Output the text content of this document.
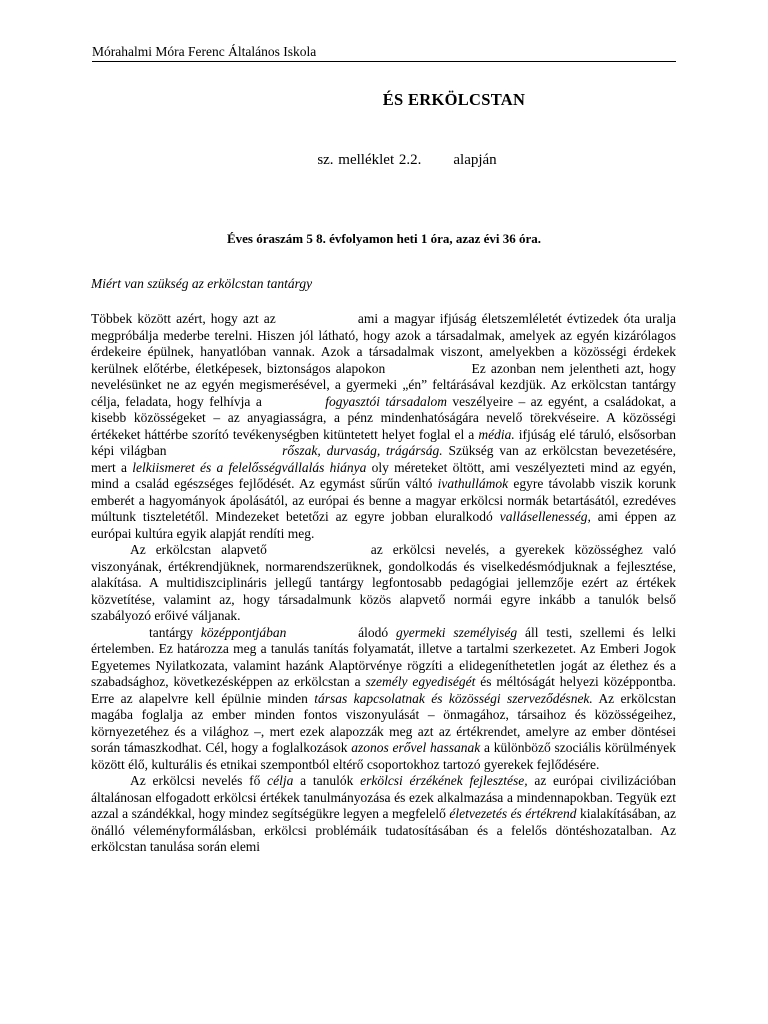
Mórahalmi Móra Ferenc Általános Iskola
ÉS ERKÖLCSTAN
sz. melléklet 2.2. alapján
Éves óraszám 5 8. évfolyamon heti 1 óra, azaz évi 36 óra.
Miért van szükség az erkölcstan tantárgy

Többek között azért, hogy azt az	ami a magyar ifjúság életszemléletét évtizedek óta uralja megpróbálja mederbe terelni. Hiszen jól látható, hogy azok a társadalmak, amelyek az egyén kizárólagos érdekeire épülnek, hanyatlóban vannak. Azok a társadalmak viszont, amelyekben a közösségi érdekek kerülnek előtérbe, életképesek, biztonságos alapokon	Ez azonban nem jelentheti azt, hogy nevelésünket ne az egyén megismerésével, a gyermeki „én” feltárásával kezdjük. Az erkölcstan tantárgy célja, feladata, hogy felhívja a	fogyasztói társadalom veszélyeire – az egyént, a családokat, a kisebb közösségeket – az anyagiasságra, a pénz mindenhatóságára nevelő törekvéseire. A közösségi értékeket háttérbe szorító tevékenységben kitüntetett helyet foglal el a média. ifjúság elé táruló, elsősorban képi világban	rőszak, durvaság, trágárság. Szükség van az erkölcstan bevezetésére, mert a lelkiismeret és a felelősségvállalás hiánya oly méreteket öltött, ami veszélyezteti mind az egyén, mind a család egészséges fejlődését. Az egymást sűrűn váltó ivathullámok egyre távolabb viszik korunk emberét a hagyományok ápolásától, az európai és benne a magyar erkölcsi normák betartásától, ezredéves múltunk tiszteletétől. Mindezeket betetőzi az egyre jobban eluralkodó vallásellenesség, ami éppen az európai kultúra egyik alapját rendíti meg.

Az erkölcstan alapvető	az erkölcsi nevelés, a gyerekek közösséghez való viszonyának, értékrendjüknek, normarendszerüknek, gondolkodás és viselkedésmódjuknak a fejlesztése, alakítása. A multidiszciplináris jellegű tantárgy legfontosabb pedagógiai jellemzője ezért az értékek közvetítése, valamint az, hogy társadalmunk közös alapvető normái egyre inkább a tanulók belső szabályozó erőivé váljanak.

tantárgy középpontjában	álodó gyermeki személyiség áll testi, szellemi és lelki értelemben. Ez határozza meg a tanulás tanítás folyamatát, illetve a tartalmi szerkezetet. Az Emberi Jogok Egyetemes Nyilatkozata, valamint hazánk Alaptörvénye rögzíti a elidegeníthetetlen jogát az élethez és a szabadsághoz, következésképpen az erkölcstan a személy egyediségét és méltóságát helyezi középpontba. Erre az alapelvre kell épülnie minden társas kapcsolatnak és közösségi szerveződésnek. Az erkölcstan magába foglalja az ember minden fontos viszonyulását – önmagához, társaihoz és közösségeihez, környezetéhez és a világhoz –, mert ezek alapozzák meg azt az értékrendet, amelyre az ember döntései során támaszkodhat. Cél, hogy a foglalkozások azonos erővel hassanak a különböző szociális körülmények között élő, kulturális és etnikai szempontból eltérő csoportokhoz tartozó gyerekek fejlődésére.

Az erkölcsi nevelés fő célja a tanulók erkölcsi érzékének fejlesztése, az európai civilizációban általánosan elfogadott erkölcsi értékek tanulmányozása és ezek alkalmazása a mindennapokban. Tegyük ezt azzal a szándékkal, hogy mindez segítségükre legyen a megfelelő életvezetés és értékrend kialakításában, az önálló véleményformálásban, erkölcsi problémáik tudatosításában és a felelős döntéshozatalban. Az erkölcstan tanulása során elemi
